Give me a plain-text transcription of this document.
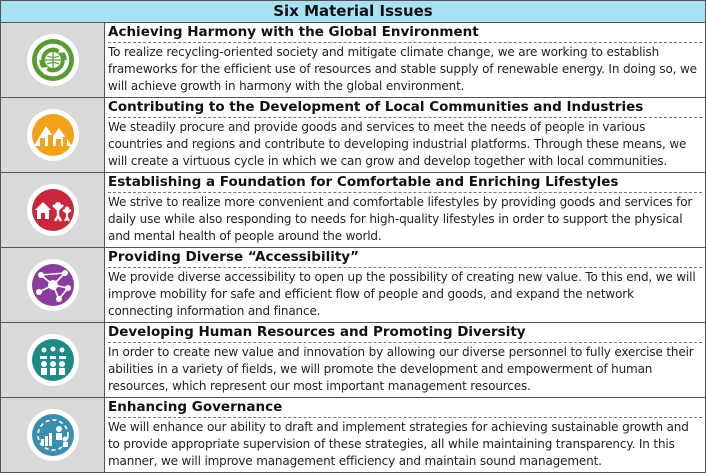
Six Material Issues
Achieving Harmony with the Global Environment
To realize recycling-oriented society and mitigate climate change, we are working to establish frameworks for the efficient use of resources and stable supply of renewable energy. In doing so, we will achieve growth in harmony with the global environment.
Contributing to the Development of Local Communities and Industries
We steadily procure and provide goods and services to meet the needs of people in various countries and regions and contribute to developing industrial platforms. Through these means, we will create a virtuous cycle in which we can grow and develop together with local communities.
Establishing a Foundation for Comfortable and Enriching Lifestyles
We strive to realize more convenient and comfortable lifestyles by providing goods and services for daily use while also responding to needs for high-quality lifestyles in order to support the physical and mental health of people around the world.
Providing Diverse “Accessibility”
We provide diverse accessibility to open up the possibility of creating new value. To this end, we will improve mobility for safe and efficient flow of people and goods, and expand the network connecting information and finance.
Developing Human Resources and Promoting Diversity
In order to create new value and innovation by allowing our diverse personnel to fully exercise their abilities in a variety of fields, we will promote the development and empowerment of human resources, which represent our most important management resources.
Enhancing Governance
We will enhance our ability to draft and implement strategies for achieving sustainable growth and to provide appropriate supervision of these strategies, all while maintaining transparency. In this manner, we will improve management efficiency and maintain sound management.
